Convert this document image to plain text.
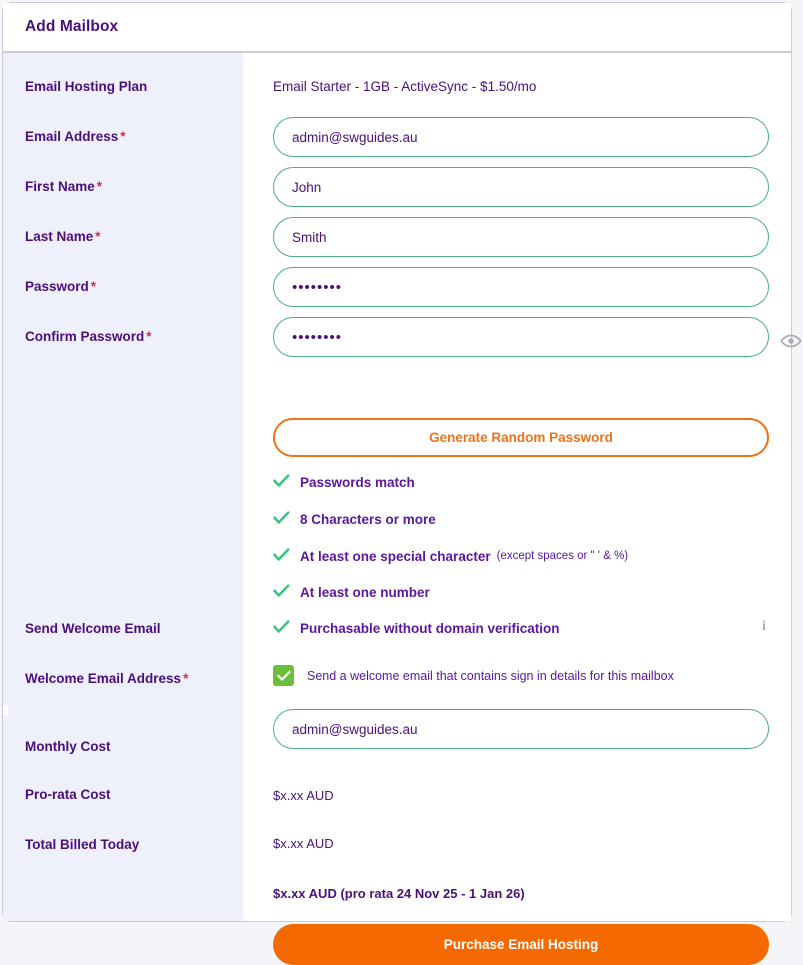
Add Mailbox
Email Hosting Plan
Email Address *
First Name *
Last Name *
Password *
Confirm Password *
Send Welcome Email
Welcome Email Address *
Monthly Cost
Pro-rata Cost
Total Billed Today
Email Starter - 1GB - ActiveSync - $1.50/mo
admin@swguides.au
John
Smith
••••••••
••••••••
Generate Random Password
Passwords match
8 Characters or more
At least one special character (except spaces or " ' & %)
At least one number
Purchasable without domain verification	i
Send a welcome email that contains sign in details for this mailbox
admin@swguides.au
$x.xx AUD
$x.xx AUD
$x.xx AUD (pro rata 24 Nov 25 - 1 Jan 26)
Purchase Email Hosting
